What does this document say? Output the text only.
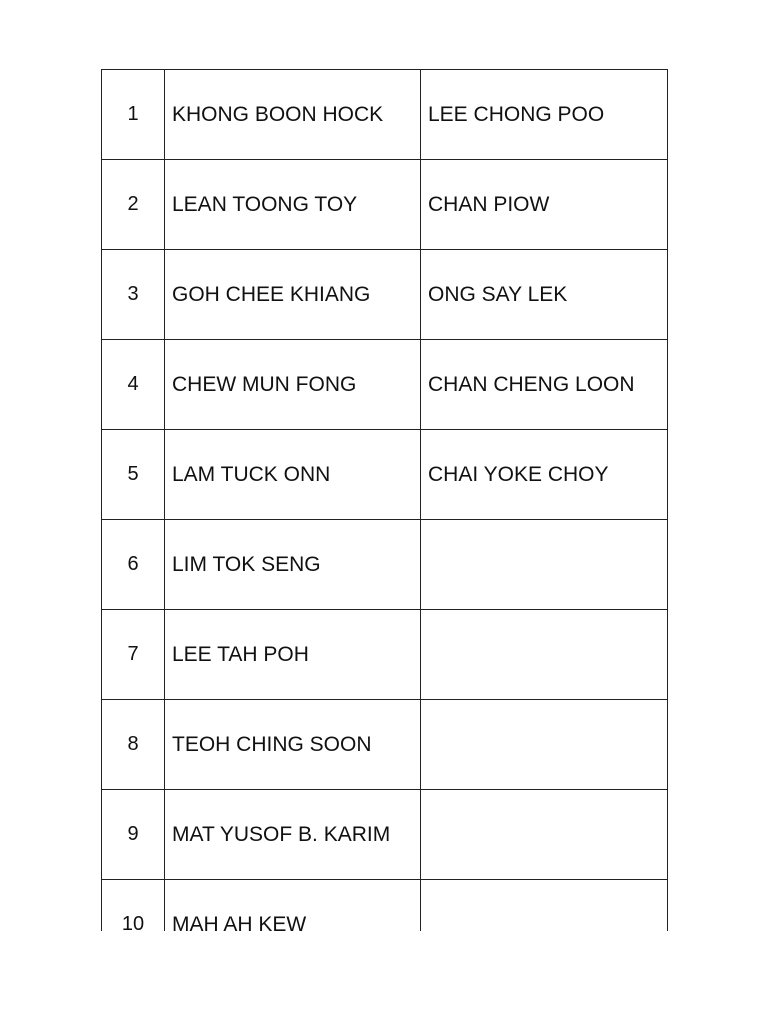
1	KHONG BOON HOCK	LEE CHONG POO
2	LEAN TOONG TOY	CHAN PIOW
3	GOH CHEE KHIANG	ONG SAY LEK
4	CHEW MUN FONG	CHAN CHENG LOON
5	LAM TUCK ONN	CHAI YOKE CHOY
6	LIM TOK SENG	
7	LEE TAH POH	
8	TEOH CHING SOON	
9	MAT YUSOF B. KARIM	
10	MAH AH KEW	
